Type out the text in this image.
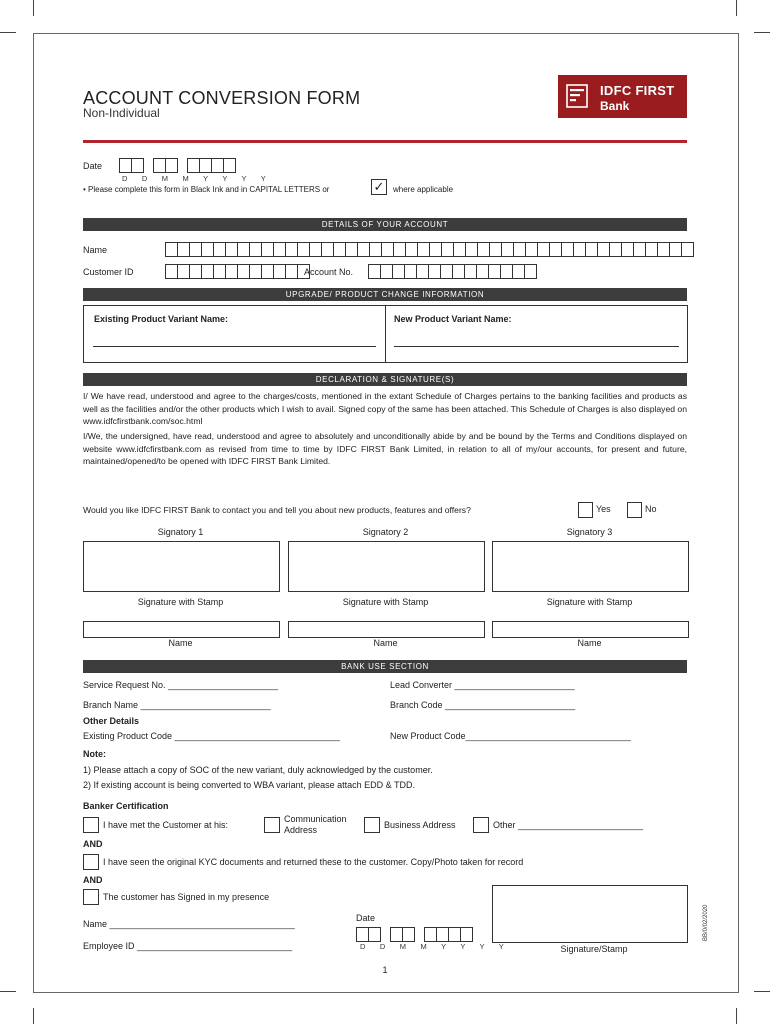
ACCOUNT CONVERSION FORM
Non-Individual
IDFC FIRST
Bank
Date
D D M M Y Y Y Y
• Please complete this form in Black Ink and in CAPITAL LETTERS or	✓	where applicable
DETAILS OF YOUR ACCOUNT
Name
Customer ID	Account No.
UPGRADE/ PRODUCT CHANGE INFORMATION
Existing Product Variant Name:	New Product Variant Name:
DECLARATION & SIGNATURE(S)
I/ We have read, understood and agree to the charges/costs, mentioned in the extant Schedule of Charges pertains to the banking facilities and products as well as the facilities and/or the other products which I wish to avail. Signed copy of the same has been attached. This Schedule of Charges is also displayed on www.idfcfirstbank.com/soc.html
I/We, the undersigned, have read, understood and agree to absolutely and unconditionally abide by and be bound by the Terms and Conditions displayed on website www.idfcfirstbank.com as revised from time to time by IDFC FIRST Bank Limited, in relation to all of my/our accounts, for present and future, maintained/opened/to be opened with IDFC FIRST Bank Limited.
Would you like IDFC FIRST Bank to contact you and tell you about new products, features and offers?	Yes	No
Signatory 1	Signatory 2	Signatory 3
Signature with Stamp	Signature with Stamp	Signature with Stamp
Name	Name	Name
BANK USE SECTION
Service Request No. ______________________	Lead Converter ________________________
Branch Name __________________________	Branch Code __________________________
Other Details
Existing Product Code _________________________________	New Product Code_________________________________
Note:
1) Please attach a copy of SOC of the new variant, duly acknowledged by the customer.
2) If existing account is being converted to WBA variant, please attach EDD & TDD.
Banker Certification
I have met the Customer at his:
Communication
Address	Business Address	Other _________________________
AND
I have seen the original KYC documents and returned these to the customer. Copy/Photo taken for record
AND
The customer has Signed in my presence
Name _____________________________________
Employee ID _______________________________
Date
D D M M Y Y Y Y	Signature/Stamp
BB/0/02/2020
1
